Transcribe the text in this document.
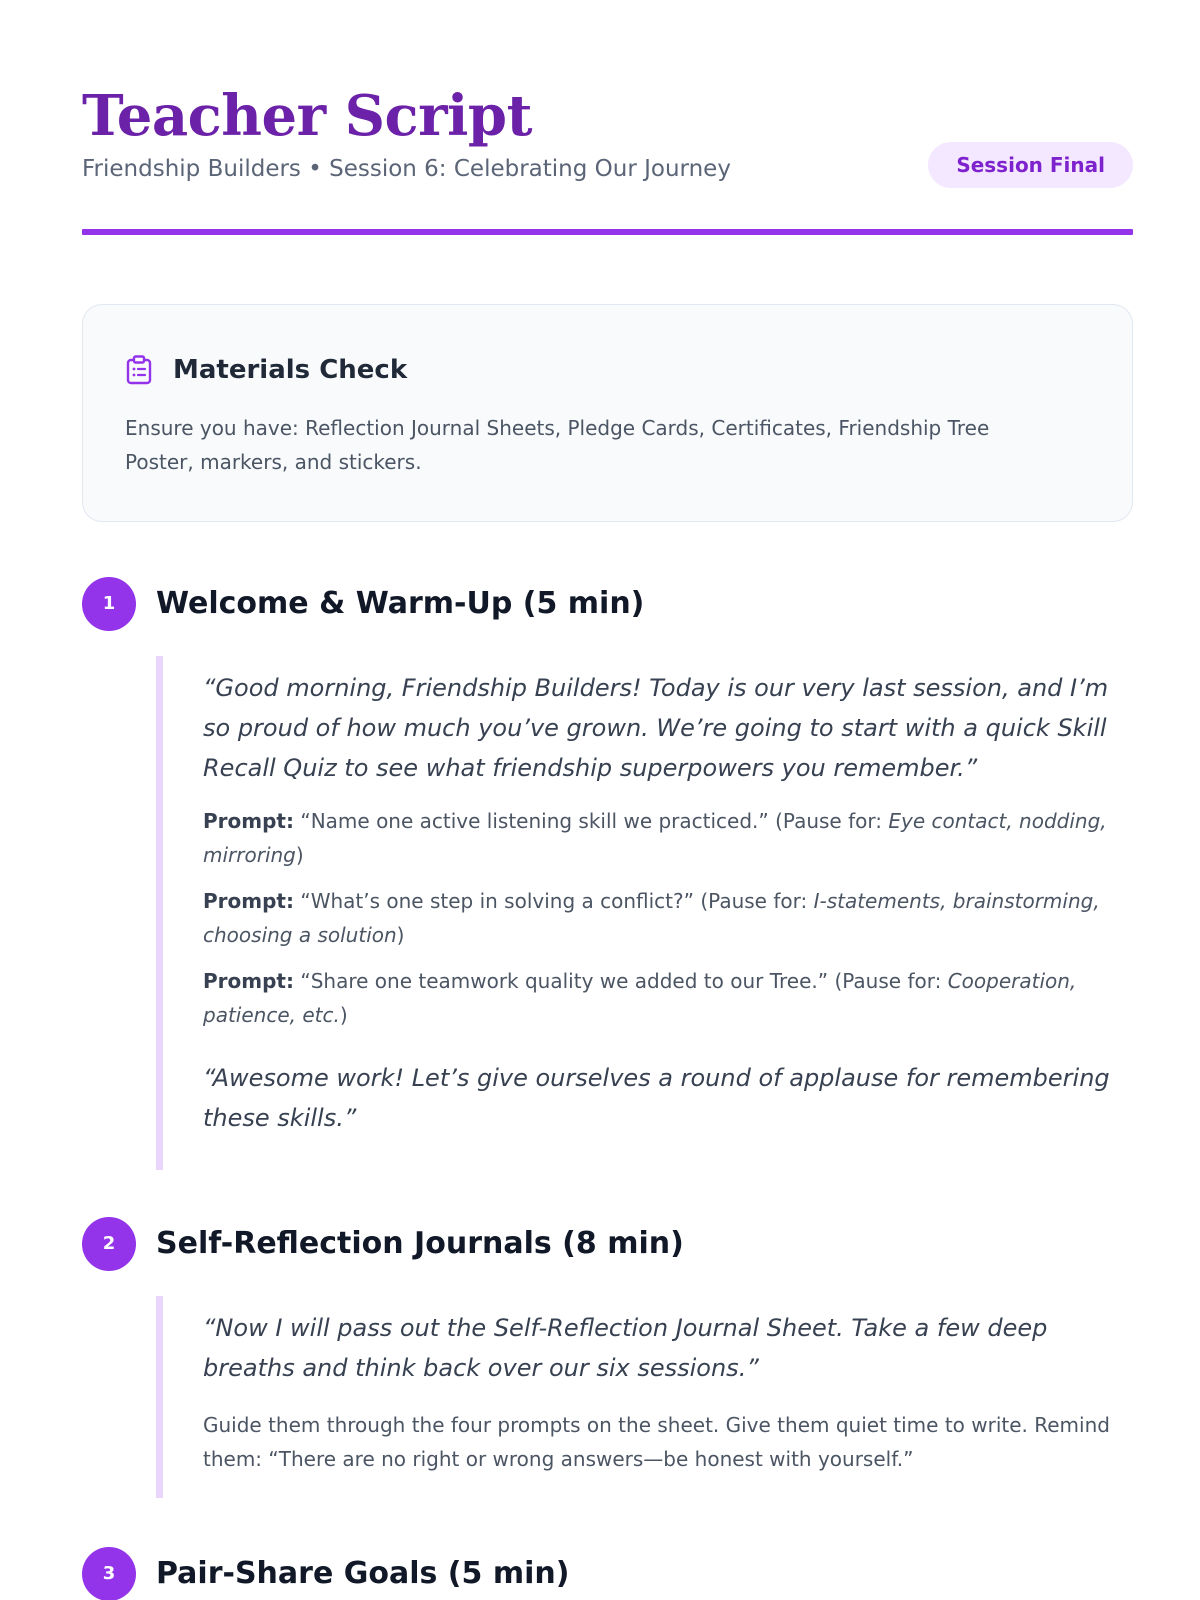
Teacher Script
Friendship Builders • Session 6: Celebrating Our Journey	Session Final
Materials Check

Ensure you have: Reflection Journal Sheets, Pledge Cards, Certificates, Friendship Tree Poster, markers, and stickers.

1	Welcome & Warm-Up (5 min)

“Good morning, Friendship Builders! Today is our very last session, and I’m so proud of how much you’ve grown. We’re going to start with a quick Skill Recall Quiz to see what friendship superpowers you remember.”

Prompt: “Name one active listening skill we practiced.” (Pause for: Eye contact, nodding, mirroring)

Prompt: “What’s one step in solving a conflict?” (Pause for: I-statements, brainstorming, choosing a solution)

Prompt: “Share one teamwork quality we added to our Tree.” (Pause for: Cooperation, patience, etc.)

“Awesome work! Let’s give ourselves a round of applause for remembering these skills.”

2	Self-Reflection Journals (8 min)

“Now I will pass out the Self-Reflection Journal Sheet. Take a few deep breaths and think back over our six sessions.”

Guide them through the four prompts on the sheet. Give them quiet time to write. Remind them: “There are no right or wrong answers—be honest with yourself.”

3	Pair-Share Goals (5 min)
